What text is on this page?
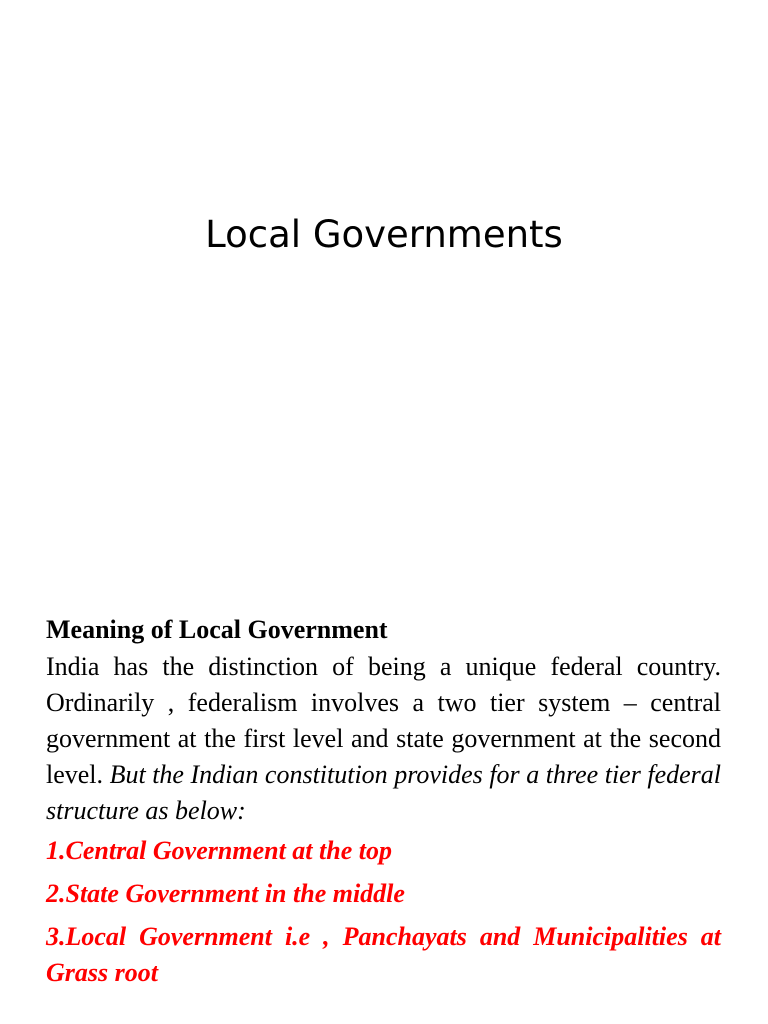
Local Governments

Meaning of Local Government

India has the distinction of being a unique federal country. Ordinarily , federalism involves a two tier system – central government at the first level and state government at the second level. But the Indian constitution provides for a three tier federal structure as below:

1.Central Government at the top
2.State Government in the middle
3.Local Government i.e , Panchayats and Municipalities at Grass root
